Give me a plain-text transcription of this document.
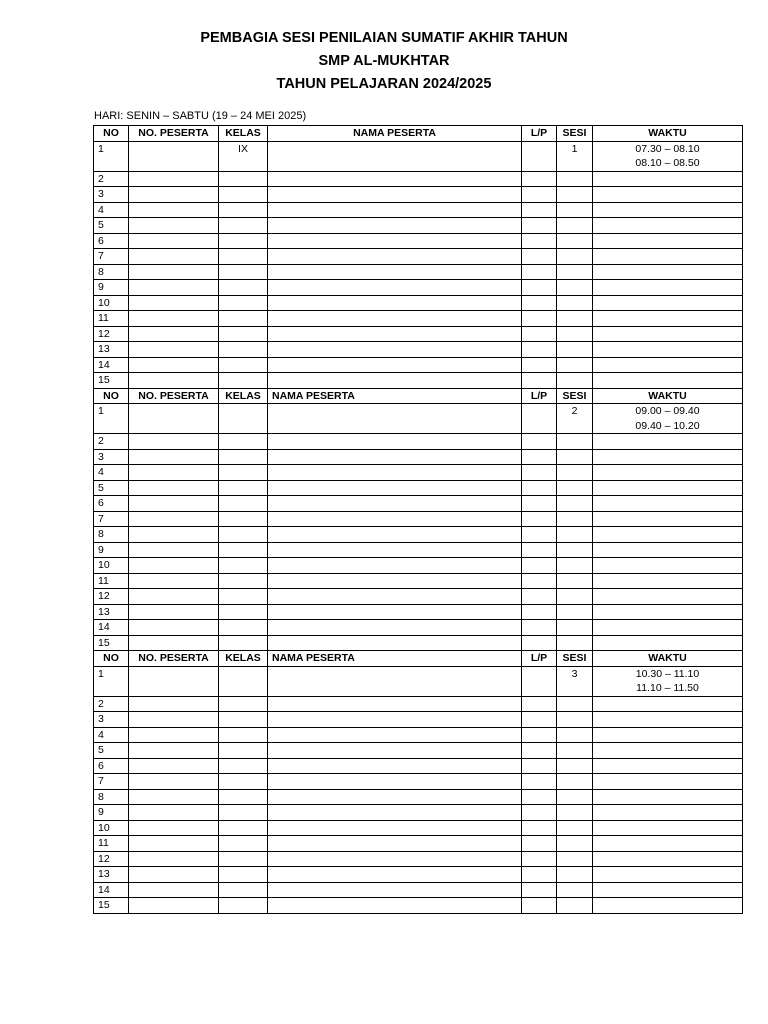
PEMBAGIA SESI PENILAIAN SUMATIF AKHIR TAHUN
SMP AL-MUKHTAR
TAHUN PELAJARAN 2024/2025
HARI: SENIN – SABTU (19 – 24 MEI 2025)
NO	NO. PESERTA	KELAS	NAMA PESERTA	L/P	SESI	WAKTU
1		IX			1	07.30 – 08.10
08.10 – 08.50

2						
3						
4						
5						
6						
7						
8						
9						
10						
11						
12						
13						
14						
15						
NO	NO. PESERTA	KELAS	NAMA PESERTA	L/P	SESI	WAKTU
1					2	09.00 – 09.40
09.40 – 10.20

2						
3						
4						
5						
6						
7						
8						
9						
10						
11						
12						
13						
14						
15						
NO	NO. PESERTA	KELAS	NAMA PESERTA	L/P	SESI	WAKTU
1					3	10.30 – 11.10
11.10 – 11.50

2						
3						
4						
5						
6						
7						
8						
9						
10						
11						
12						
13						
14						
15						
